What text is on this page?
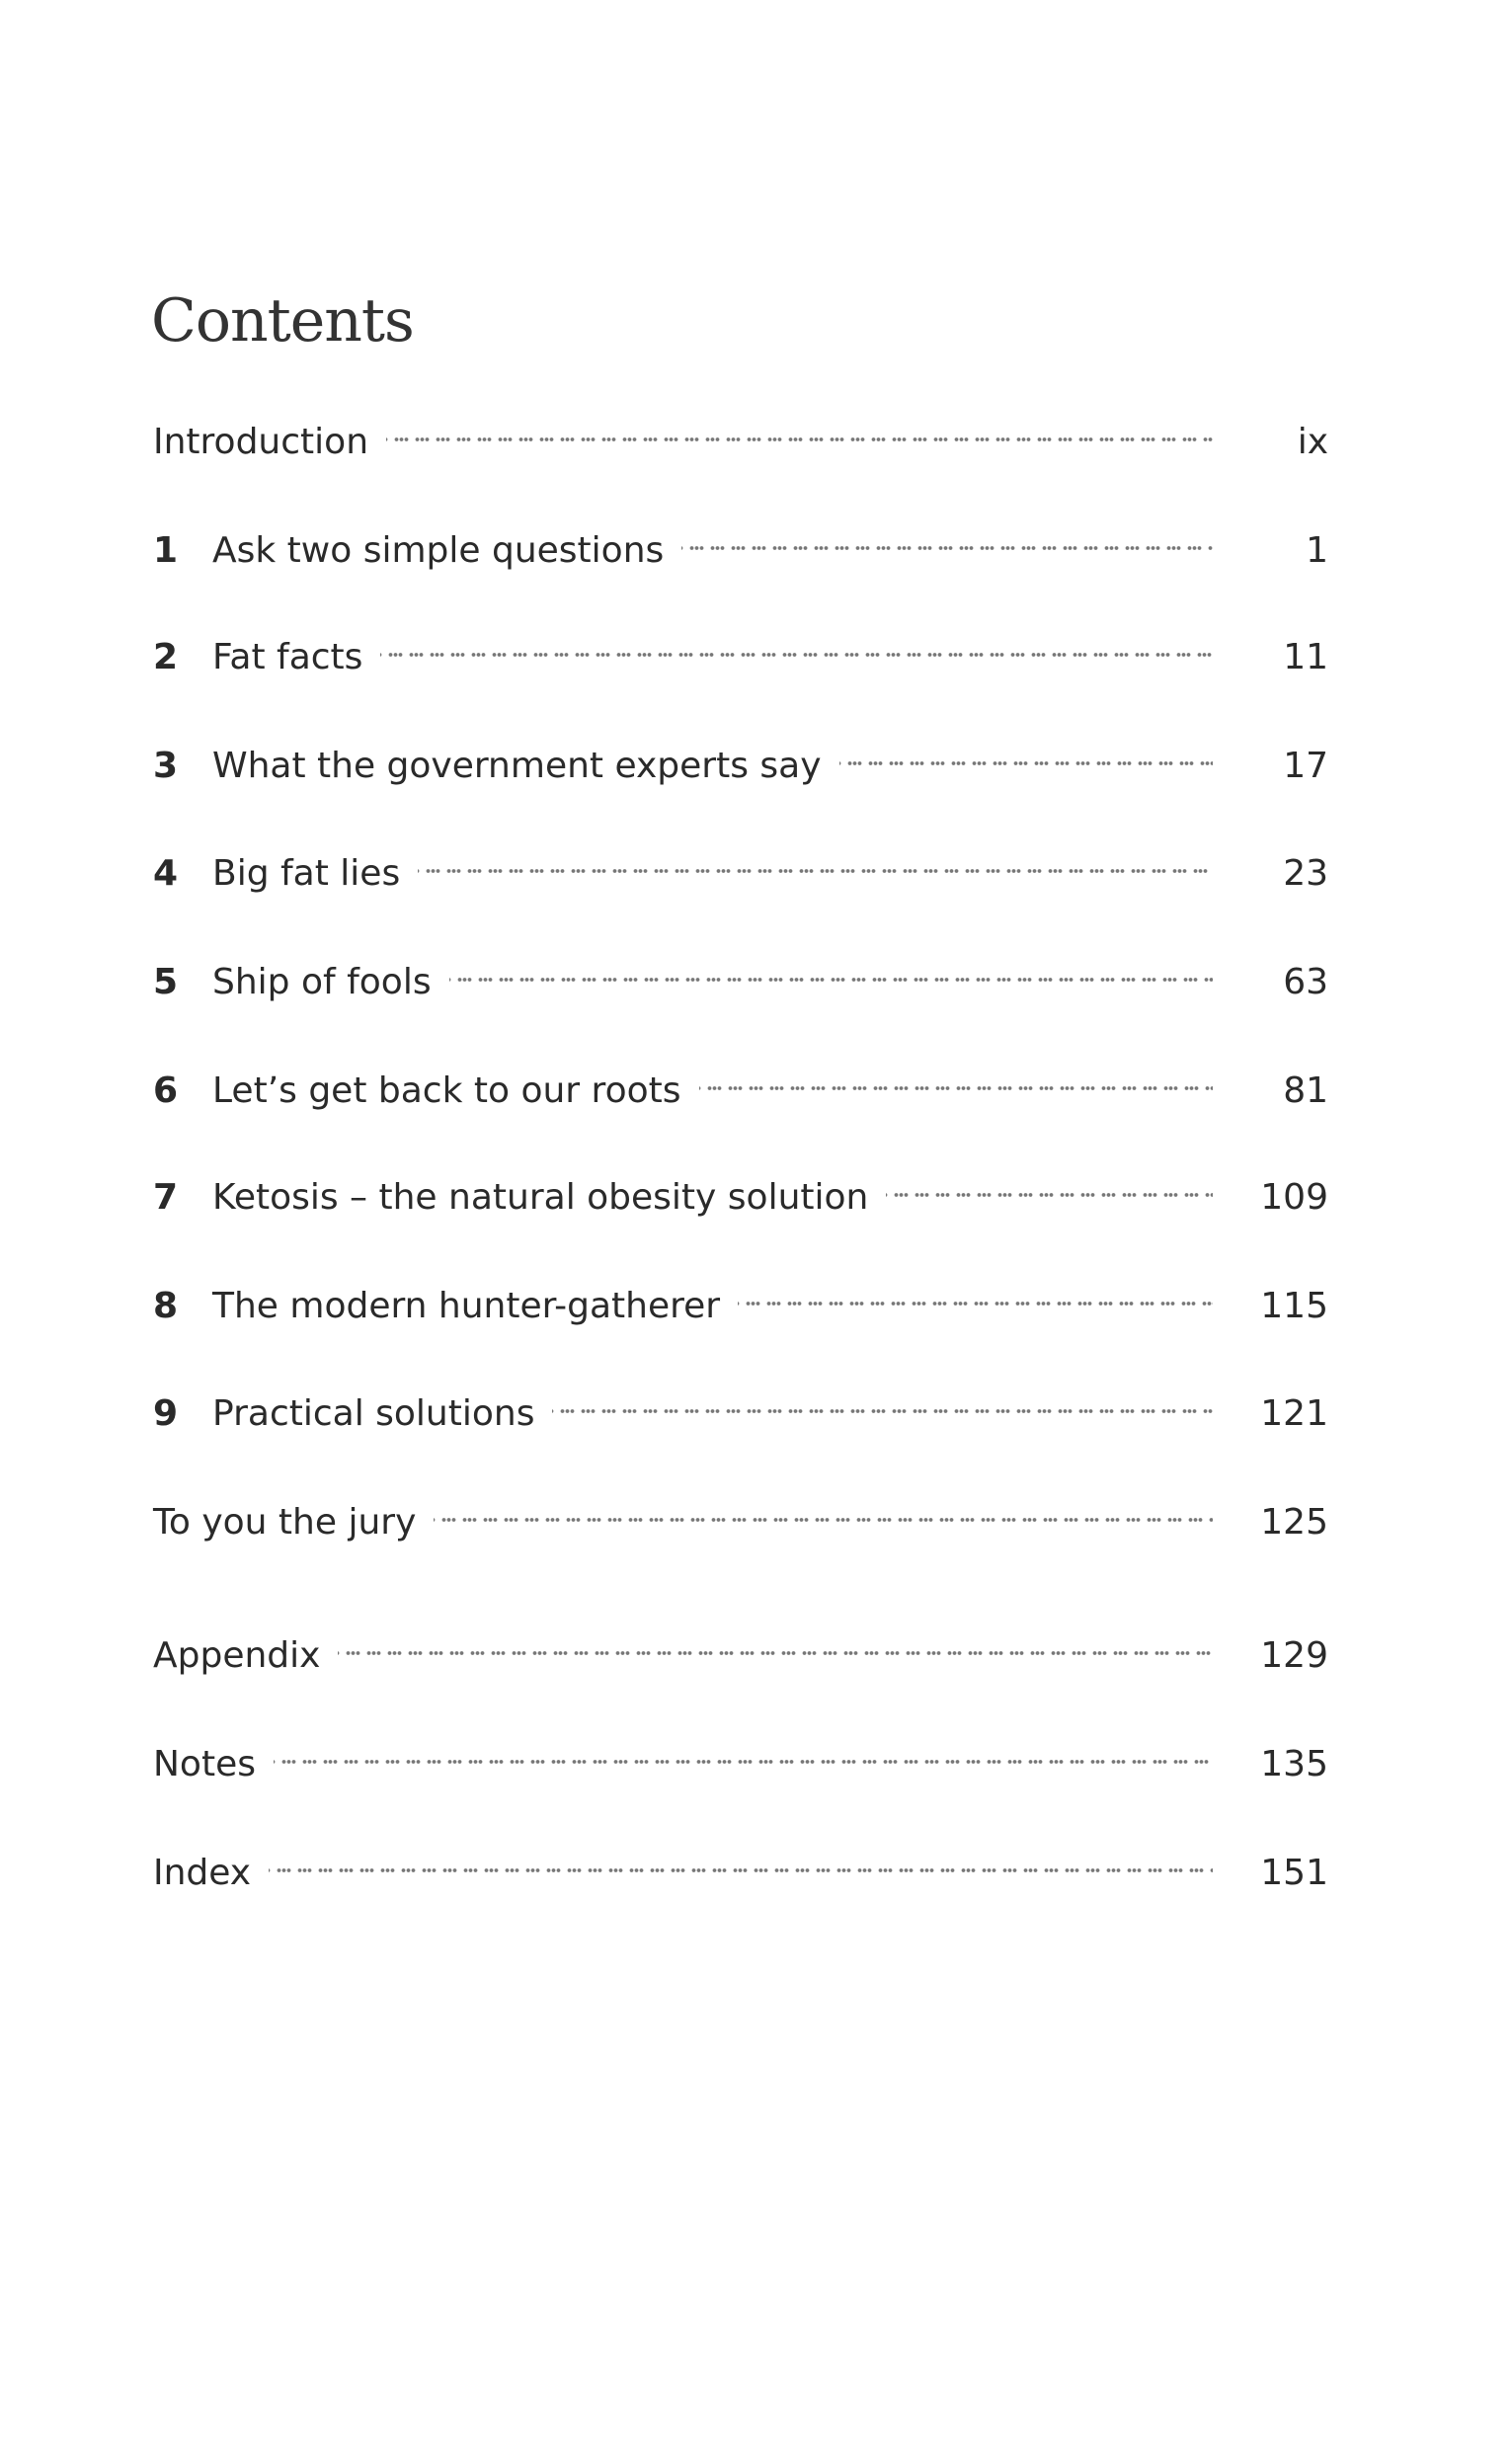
Contents
Introduction	ix
1 Ask two simple questions	1
2 Fat facts	11
3 What the government experts say	17
4 Big fat lies	23
5 Ship of fools	63
6 Let’s get back to our roots	81
7 Ketosis – the natural obesity solution	109
8 The modern hunter-gatherer	115
9 Practical solutions	121
To you the jury	125
Appendix	129
Notes	135
Index	151
